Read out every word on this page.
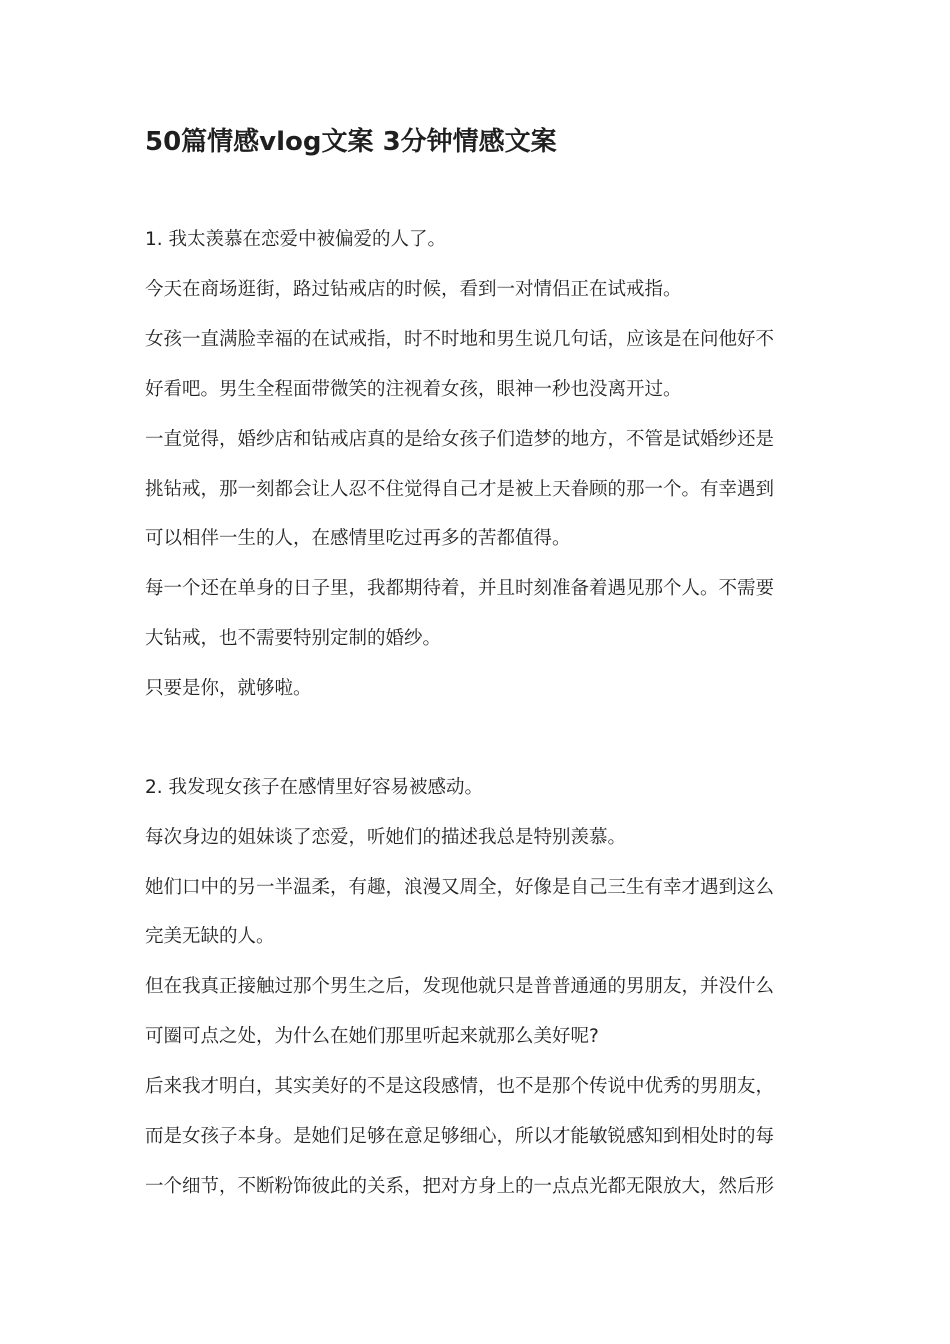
50篇情感vlog文案 3分钟情感文案

1. 我太羡慕在恋爱中被偏爱的人了。

今天在商场逛街，路过钻戒店的时候，看到一对情侣正在试戒指。

女孩一直满脸幸福的在试戒指，时不时地和男生说几句话，应该是在问他好不

好看吧。男生全程面带微笑的注视着女孩，眼神一秒也没离开过。

一直觉得，婚纱店和钻戒店真的是给女孩子们造梦的地方，不管是试婚纱还是

挑钻戒，那一刻都会让人忍不住觉得自己才是被上天眷顾的那一个。有幸遇到

可以相伴一生的人，在感情里吃过再多的苦都值得。

每一个还在单身的日子里，我都期待着，并且时刻准备着遇见那个人。不需要

大钻戒，也不需要特别定制的婚纱。

只要是你，就够啦。

2. 我发现女孩子在感情里好容易被感动。

每次身边的姐妹谈了恋爱，听她们的描述我总是特别羡慕。

她们口中的另一半温柔，有趣，浪漫又周全，好像是自己三生有幸才遇到这么

完美无缺的人。

但在我真正接触过那个男生之后，发现他就只是普普通通的男朋友，并没什么

可圈可点之处，为什么在她们那里听起来就那么美好呢?

后来我才明白，其实美好的不是这段感情，也不是那个传说中优秀的男朋友，

而是女孩子本身。是她们足够在意足够细心，所以才能敏锐感知到相处时的每

一个细节，不断粉饰彼此的关系，把对方身上的一点点光都无限放大，然后形
